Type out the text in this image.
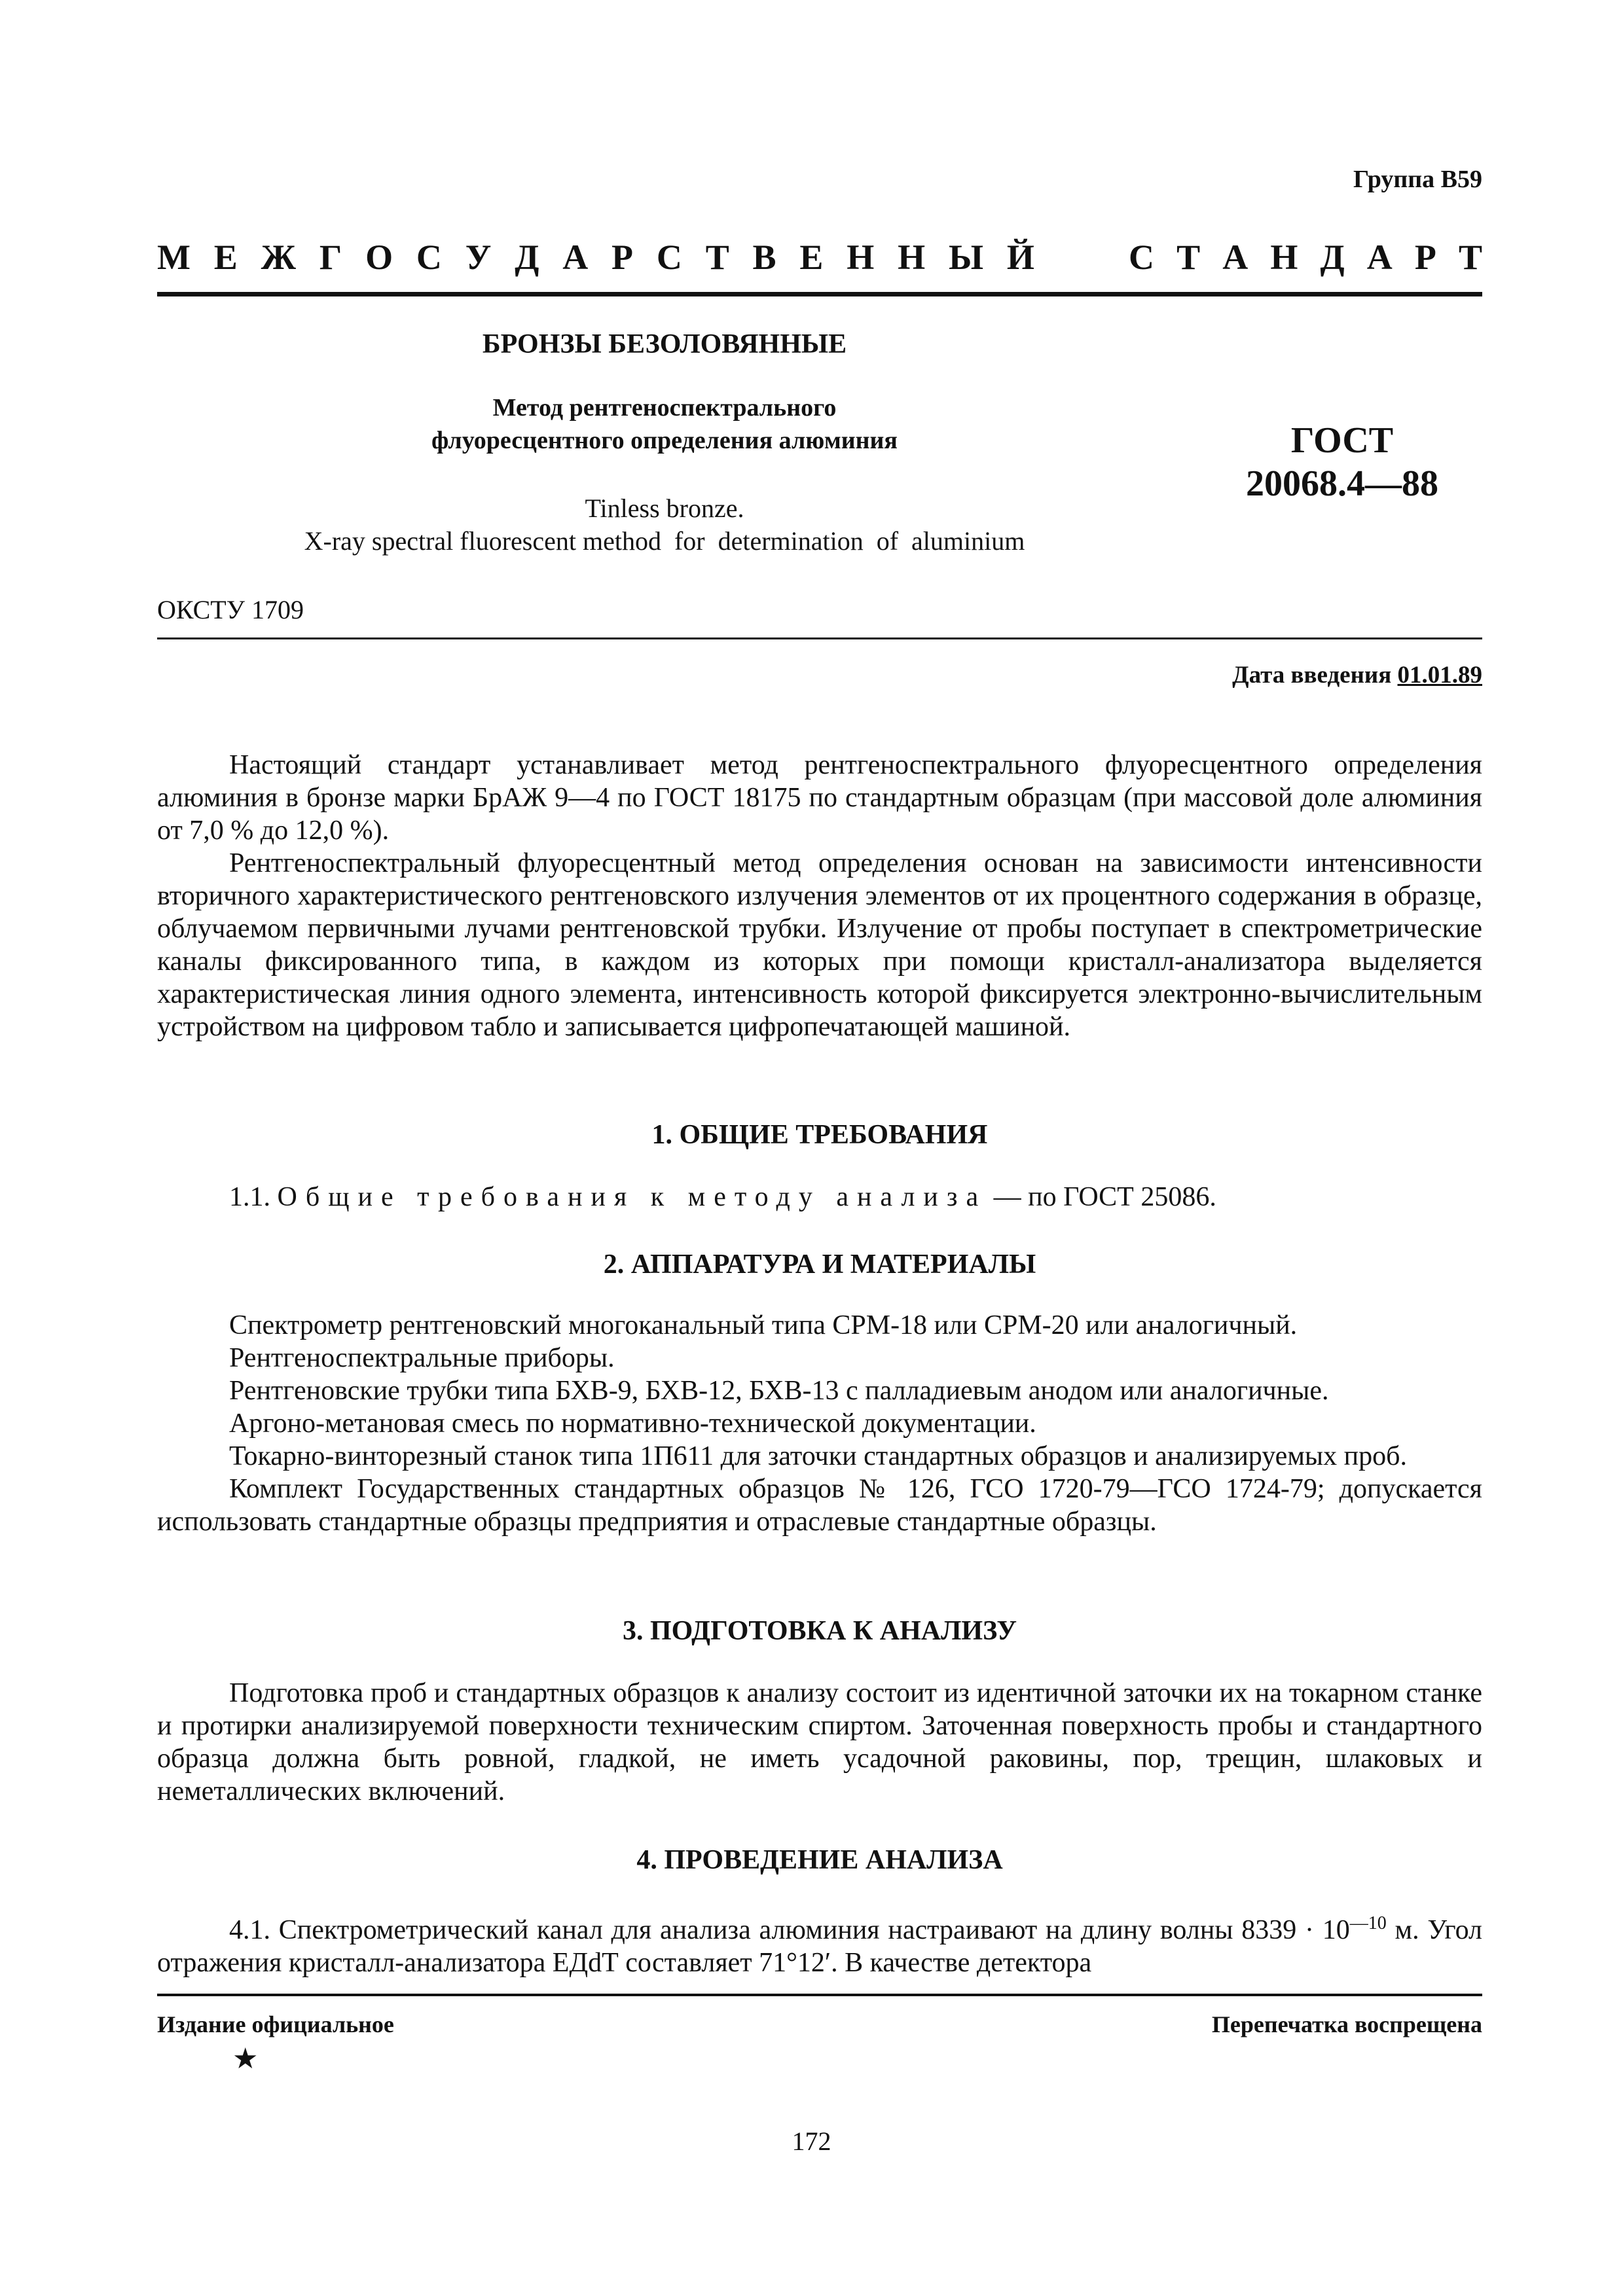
Группа В59
М Е Ж Г О С У Д А Р С Т В Е Н Н Ы Й	С Т А Н Д А Р Т
БРОНЗЫ БЕЗОЛОВЯННЫЕ
Метод рентгеноспектрального
флуоресцентного определения алюминия
Tinless bronze.
X-ray spectral fluorescent method  for  determination  of  aluminium
ГОСТ
20068.4—88
ОКСТУ 1709
Дата введения 01.01.89

Настоящий стандарт устанавливает метод рентгеноспектрального флуоресцентного определения алюминия в бронзе марки БрАЖ 9—4 по ГОСТ 18175 по стандартным образцам (при массовой доле алюминия от 7,0 % до 12,0 %).

Рентгеноспектральный флуоресцентный метод определения основан на зависимости интенсивности вторичного характеристического рентгеновского излучения элементов от их процентного содержания в образце, облучаемом первичными лучами рентгеновской трубки. Излучение от пробы поступает в спектрометрические каналы фиксированного типа, в каждом из которых при помощи кристалл-анализатора выделяется характеристическая линия одного элемента, интенсивность которой фиксируется электронно-вычислительным устройством на цифровом табло и записывается цифропечатающей машиной.

1. ОБЩИЕ ТРЕБОВАНИЯ

1.1. Общие требования к методу анализа — по ГОСТ 25086.

2. АППАРАТУРА И МАТЕРИАЛЫ

Спектрометр рентгеновский многоканальный типа СРМ-18 или СРМ-20 или аналогичный.

Рентгеноспектральные приборы.

Рентгеновские трубки типа БХВ-9, БХВ-12, БХВ-13 с палладиевым анодом или аналогичные.

Аргоно-метановая смесь по нормативно-технической документации.

Токарно-винторезный станок типа 1П611 для заточки стандартных образцов и анализируемых проб.

Комплект Государственных стандартных образцов № 126, ГСО 1720-79—ГСО 1724-79; допускается использовать стандартные образцы предприятия и отраслевые стандартные образцы.

3. ПОДГОТОВКА К АНАЛИЗУ

Подготовка проб и стандартных образцов к анализу состоит из идентичной заточки их на токарном станке и протирки анализируемой поверхности техническим спиртом. Заточенная поверхность пробы и стандартного образца должна быть ровной, гладкой, не иметь усадочной раковины, пор, трещин, шлаковых и неметаллических включений.

4. ПРОВЕДЕНИЕ АНАЛИЗА

4.1. Спектрометрический канал для анализа алюминия настраивают на длину волны $8339 \cdot 10^{—10}$ м. Угол отражения кристалл-анализатора ЕДdТ составляет 71°12′. В качестве детектора

Издание официальное
★
Перепечатка воспрещена
172
